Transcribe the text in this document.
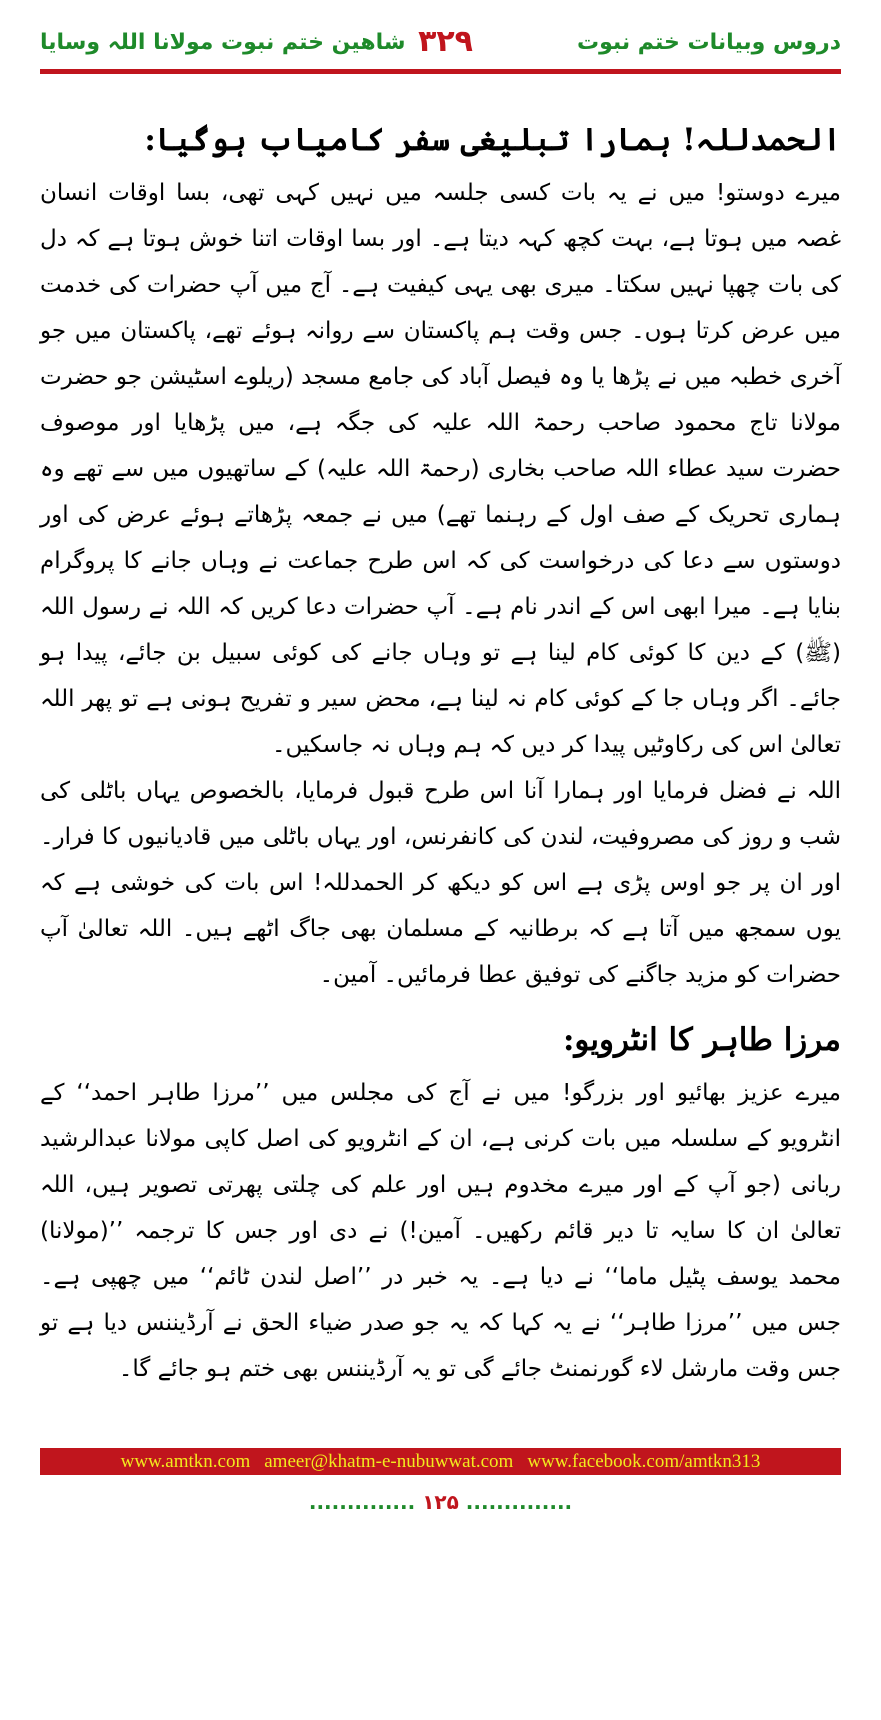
دروس وبیانات ختم نبوت
۳۲۹
شاھین ختم نبوت مولانا اللہ وسایا
الحمدللہ! ہمارا تبلیغی سفر کامیاب ہوگیا:

میرے دوستو! میں نے یہ بات کسی جلسہ میں نہیں کہی تھی، بسا اوقات انسان غصہ میں ہوتا ہے، بہت کچھ کہہ دیتا ہے۔ اور بسا اوقات اتنا خوش ہوتا ہے کہ دل کی بات چھپا نہیں سکتا۔ میری بھی یہی کیفیت ہے۔ آج میں آپ حضرات کی خدمت میں عرض کرتا ہوں۔ جس وقت ہم پاکستان سے روانہ ہوئے تھے، پاکستان میں جو آخری خطبہ میں نے پڑھا یا وہ فیصل آباد کی جامع مسجد (ریلوے اسٹیشن جو حضرت مولانا تاج محمود صاحب رحمۃ اللہ علیہ کی جگہ ہے، میں پڑھایا اور موصوف حضرت سید عطاء اللہ صاحب بخاری (رحمۃ اللہ علیہ) کے ساتھیوں میں سے تھے وہ ہماری تحریک کے صف اول کے رہنما تھے) میں نے جمعہ پڑھاتے ہوئے عرض کی اور دوستوں سے دعا کی درخواست کی کہ اس طرح جماعت نے وہاں جانے کا پروگرام بنایا ہے۔ میرا ابھی اس کے اندر نام ہے۔ آپ حضرات دعا کریں کہ اللہ نے رسول اللہ (ﷺ) کے دین کا کوئی کام لینا ہے تو وہاں جانے کی کوئی سبیل بن جائے، پیدا ہو جائے۔ اگر وہاں جا کے کوئی کام نہ لینا ہے، محض سیر و تفریح ہونی ہے تو پھر اللہ تعالیٰ اس کی رکاوٹیں پیدا کر دیں کہ ہم وہاں نہ جاسکیں۔

اللہ نے فضل فرمایا اور ہمارا آنا اس طرح قبول فرمایا، بالخصوص یہاں باٹلی کی شب و روز کی مصروفیت، لندن کی کانفرنس، اور یہاں باٹلی میں قادیانیوں کا فرار۔ اور ان پر جو اوس پڑی ہے اس کو دیکھ کر الحمدللہ! اس بات کی خوشی ہے کہ یوں سمجھ میں آتا ہے کہ برطانیہ کے مسلمان بھی جاگ اٹھے ہیں۔ اللہ تعالیٰ آپ حضرات کو مزید جاگنے کی توفیق عطا فرمائیں۔ آمین۔

مرزا طاہر کا انٹرویو:

میرے عزیز بھائیو اور بزرگو! میں نے آج کی مجلس میں ’’مرزا طاہر احمد‘‘ کے انٹرویو کے سلسلہ میں بات کرنی ہے، ان کے انٹرویو کی اصل کاپی مولانا عبدالرشید ربانی (جو آپ کے اور میرے مخدوم ہیں اور علم کی چلتی پھرتی تصویر ہیں، اللہ تعالیٰ ان کا سایہ تا دیر قائم رکھیں۔ آمین!) نے دی اور جس کا ترجمہ ’’(مولانا) محمد یوسف پٹیل ماما‘‘ نے دیا ہے۔ یہ خبر در ’’اصل لندن ٹائم‘‘ میں چھپی ہے۔ جس میں ’’مرزا طاہر‘‘ نے یہ کہا کہ یہ جو صدر ضیاء الحق نے آرڈیننس دیا ہے تو جس وقت مارشل لاء گورنمنٹ جائے گی تو یہ آرڈیننس بھی ختم ہو جائے گا۔

www.amtkn.com ameer@khatm-e-nubuwwat.com www.facebook.com/amtkn313
.............. ۱۲۵ ..............
